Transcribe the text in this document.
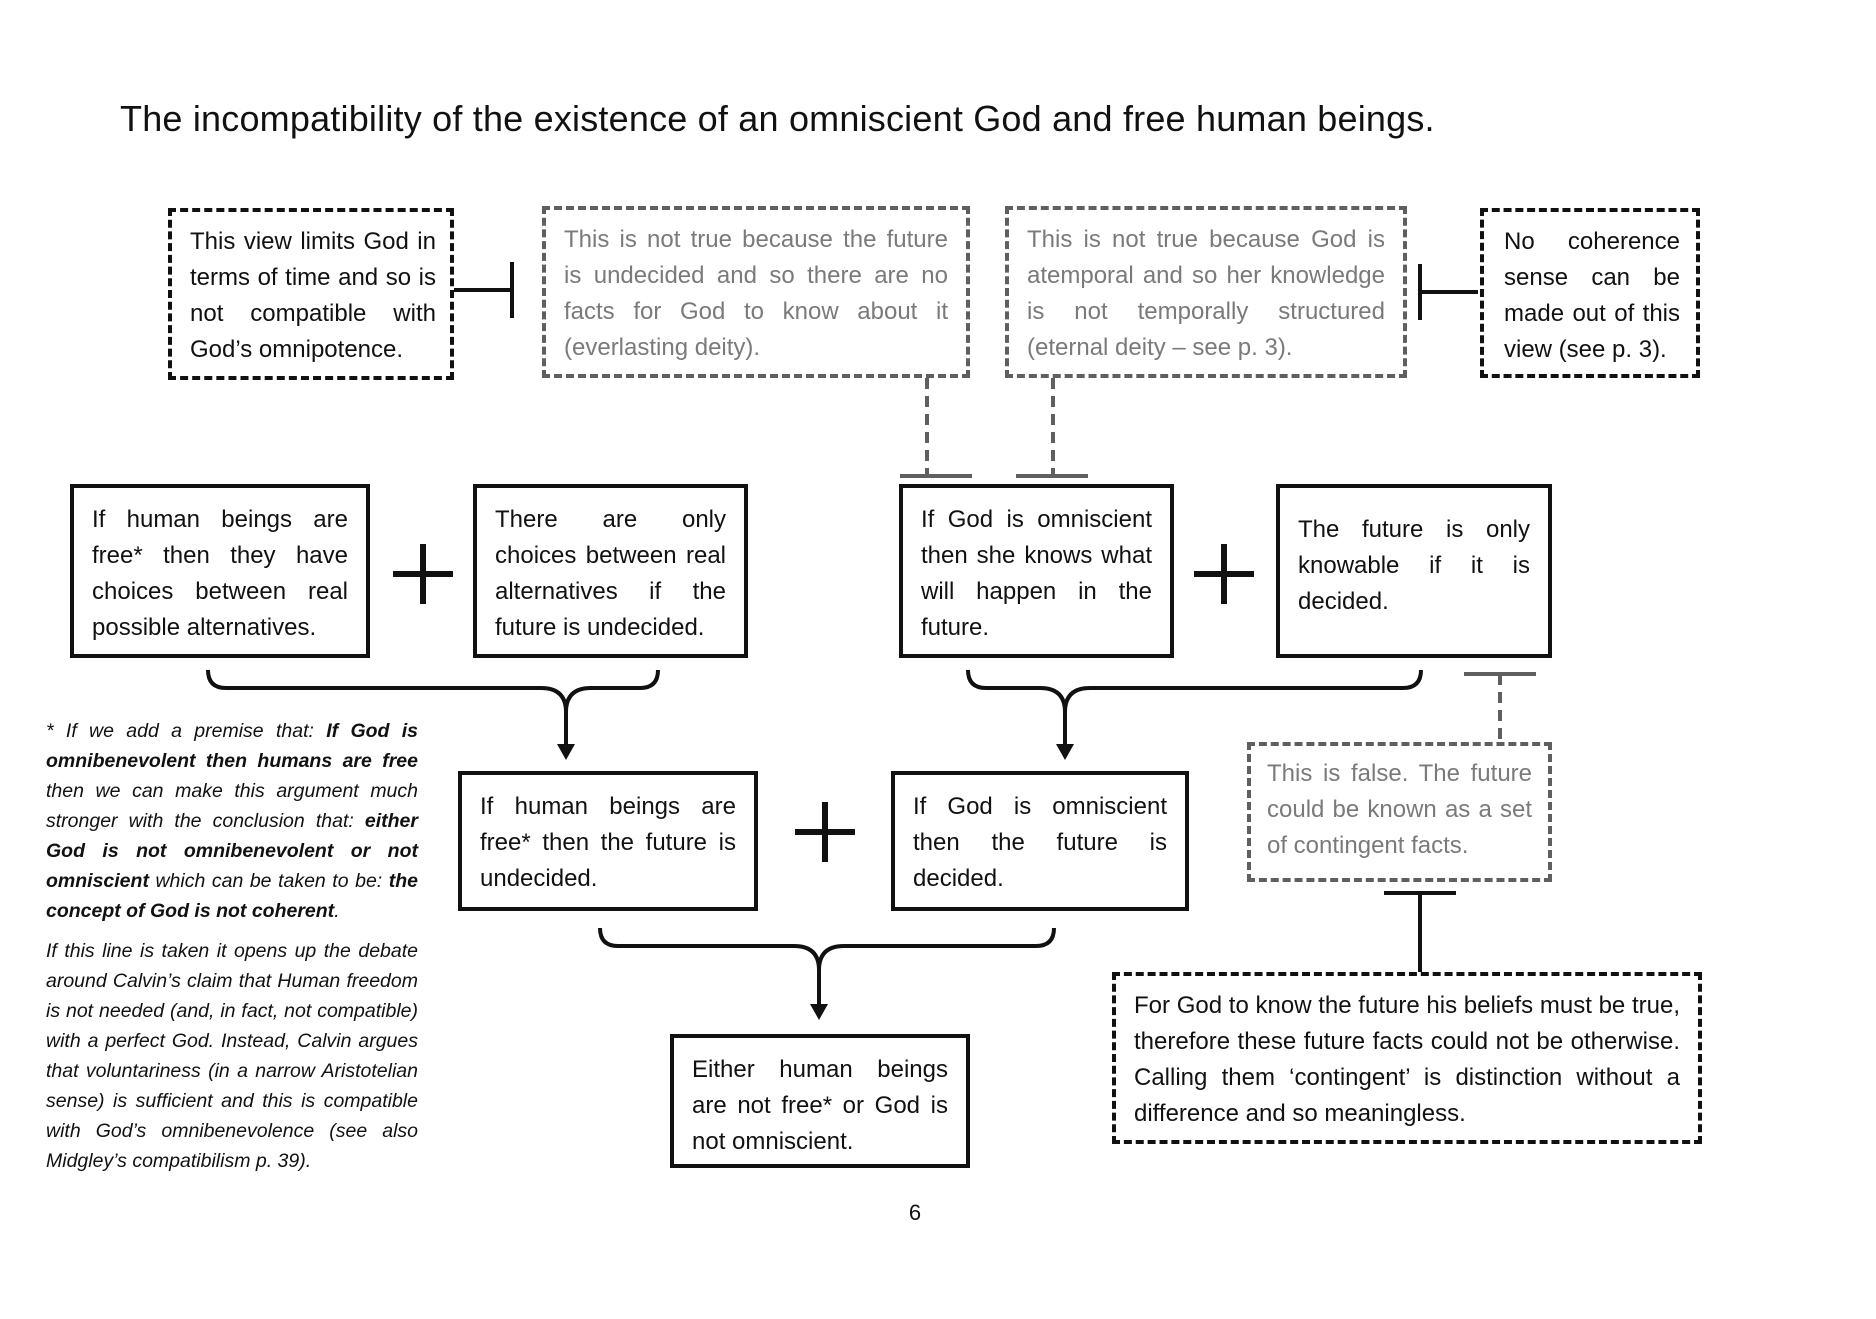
The incompatibility of the existence of an omniscient God and free human beings.
This view limits God in terms of time and so is not compatible with God’s omnipotence.
This is not true because the future is undecided and so there are no facts for God to know about it (everlasting deity).
This is not true because God is atemporal and so her knowledge is not temporally structured (eternal deity – see p. 3).
No coherence sense can be made out of this view (see p. 3).
If human beings are free* then they have choices between real possible alternatives.
There are only choices between real alternatives if the future is undecided.
If God is omniscient then she knows what will happen in the future.
The future is only knowable if it is decided.
If human beings are free* then the future is undecided.
If God is omniscient then the future is decided.
This is false. The future could be known as a set of contingent facts.
For God to know the future his beliefs must be true, therefore these future facts could not be otherwise. Calling them ‘contingent’ is distinction without a difference and so meaningless.
Either human beings are not free* or God is not omniscient.

* If we add a premise that: If God is omnibenevolent then humans are free then we can make this argument much stronger with the conclusion that: either God is not omnibenevolent or not omniscient which can be taken to be: the concept of God is not coherent.

If this line is taken it opens up the debate around Calvin’s claim that Human freedom is not needed (and, in fact, not compatible) with a perfect God. Instead, Calvin argues that voluntariness (in a narrow Aristotelian sense) is sufficient and this is compatible with God’s omnibenevolence (see also Midgley’s compatibilism p. 39).

6
